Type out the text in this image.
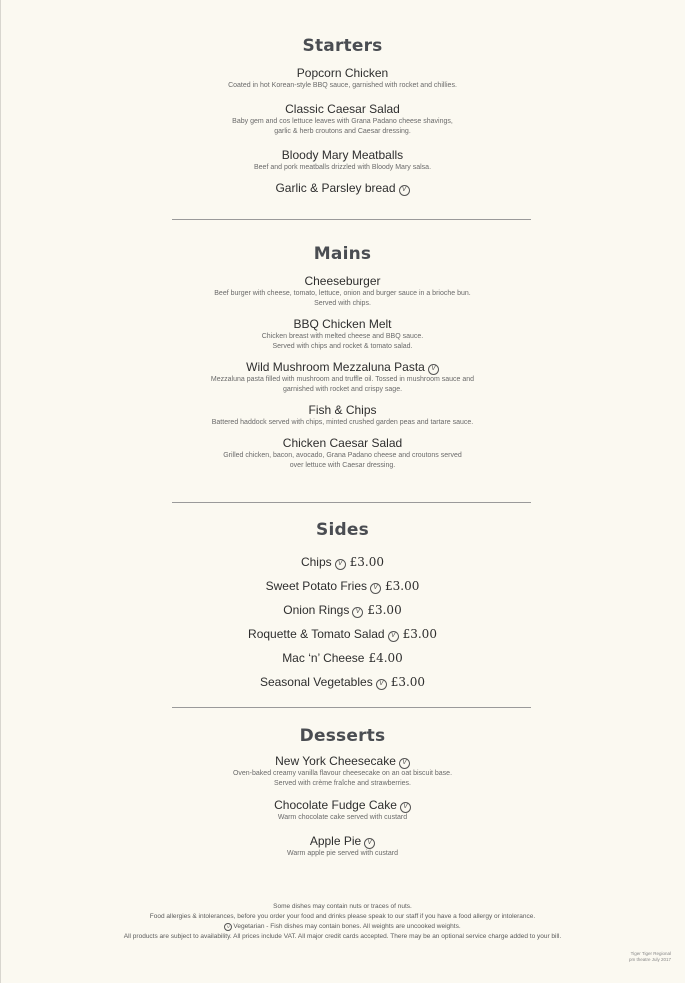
Starters
Popcorn Chicken
Coated in hot Korean-style BBQ sauce, garnished with rocket and chillies.
Classic Caesar Salad
Baby gem and cos lettuce leaves with Grana Padano cheese shavings,
garlic & herb croutons and Caesar dressing.
Bloody Mary Meatballs
Beef and pork meatballs drizzled with Bloody Mary salsa.
Garlic & Parsley bread V
Mains
Cheeseburger
Beef burger with cheese, tomato, lettuce, onion and burger sauce in a brioche bun.
Served with chips.
BBQ Chicken Melt
Chicken breast with melted cheese and BBQ sauce.
Served with chips and rocket & tomato salad.
Wild Mushroom Mezzaluna Pasta V
Mezzaluna pasta filled with mushroom and truffle oil. Tossed in mushroom sauce and
garnished with rocket and crispy sage.
Fish & Chips
Battered haddock served with chips, minted crushed garden peas and tartare sauce.
Chicken Caesar Salad
Grilled chicken, bacon, avocado, Grana Padano cheese and croutons served
over lettuce with Caesar dressing.
Sides
Chips V £3.00
Sweet Potato Fries V £3.00
Onion Rings V £3.00
Roquette & Tomato Salad V £3.00
Mac ‘n’ Cheese £4.00
Seasonal Vegetables V £3.00
Desserts
New York Cheesecake V
Oven-baked creamy vanilla flavour cheesecake on an oat biscuit base.
Served with crème fraîche and strawberries.
Chocolate Fudge Cake V
Warm chocolate cake served with custard
Apple Pie V
Warm apple pie served with custard
Some dishes may contain nuts or traces of nuts.
Food allergies & intolerances, before you order your food and drinks please speak to our staff if you have a food allergy or intolerance.
V Vegetarian - Fish dishes may contain bones. All weights are uncooked weights.
All products are subject to availability. All prices include VAT. All major credit cards accepted. There may be an optional service charge added to your bill.
Tiger Tiger Regional
pm theatre July 2017
